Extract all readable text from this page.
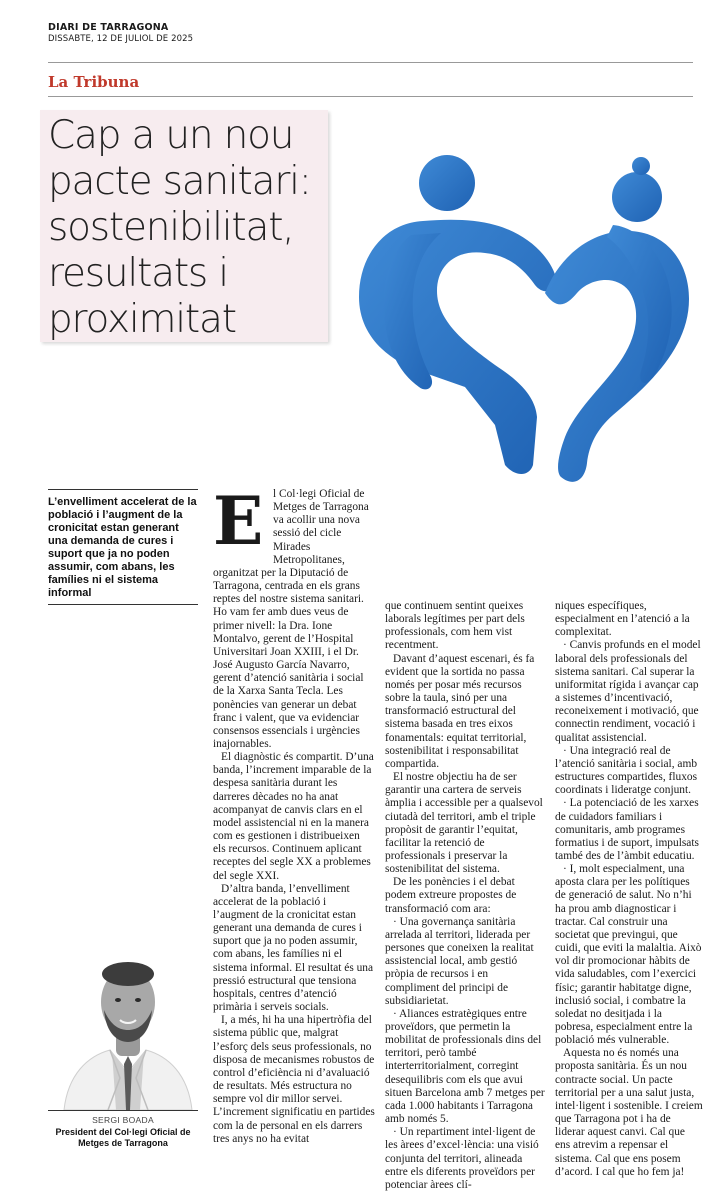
DIARI DE TARRAGONA
DISSABTE, 12 DE JULIOL DE 2025
La Tribuna
Cap a un nou pacte sanitari: sostenibilitat, resultats i proximitat
L’envelliment accelerat de la població i l’augment de la cronicitat estan generant una demanda de cures i suport que ja no poden assumir, com abans, les famílies ni el sistema informal
SERGI BOADA
President del Col·legi Oficial de Metges de Tarragona
E l Col·legi Oficial de Metges de Tarragona va acollir una nova sessió del cicle Mirades Metropolitanes, organitzat per la Diputació de Tarragona, centrada en els grans reptes del nostre sistema sanitari. Ho vam fer amb dues veus de primer nivell: la Dra. Ione Montalvo, gerent de l’Hospital Universitari Joan XXIII, i el Dr. José Augusto García Navarro, gerent d’atenció sanitària i social de la Xarxa Santa Tecla. Les ponències van generar un debat franc i valent, que va evidenciar consensos essencials i urgències inajornables.

El diagnòstic és compartit. D’una banda, l’increment imparable de la despesa sanitària durant les darreres dècades no ha anat acompanyat de canvis clars en el model assistencial ni en la manera com es gestionen i distribueixen els recursos. Continuem aplicant receptes del segle XX a problemes del segle XXI.

D’altra banda, l’envelliment accelerat de la població i l’augment de la cronicitat estan generant una demanda de cures i suport que ja no poden assumir, com abans, les famílies ni el sistema informal. El resultat és una pressió estructural que tensiona hospitals, centres d’atenció primària i serveis socials.

I, a més, hi ha una hipertròfia del sistema públic que, malgrat l’esforç dels seus professionals, no disposa de mecanismes robustos de control d’eficiència ni d’avaluació de resultats. Més estructura no sempre vol dir millor servei. L’increment significatiu en partides com la de personal en els darrers tres anys no ha evitat

que continuem sentint queixes laborals legítimes per part dels professionals, com hem vist recentment.

Davant d’aquest escenari, és fa evident que la sortida no passa només per posar més recursos sobre la taula, sinó per una transformació estructural del sistema basada en tres eixos fonamentals: equitat territorial, sostenibilitat i responsabilitat compartida.

El nostre objectiu ha de ser garantir una cartera de serveis àmplia i accessible per a qualsevol ciutadà del territori, amb el triple propòsit de garantir l’equitat, facilitar la retenció de professionals i preservar la sostenibilitat del sistema.

De les ponències i el debat podem extreure propostes de transformació com ara:

· Una governança sanitària arrelada al territori, liderada per persones que coneixen la realitat assistencial local, amb gestió pròpia de recursos i en compliment del principi de subsidiarietat.

· Aliances estratègiques entre proveïdors, que permetin la mobilitat de professionals dins del territori, però també interterritorialment, corregint desequilibris com els que avui situen Barcelona amb 7 metges per cada 1.000 habitants i Tarragona amb només 5.

· Un repartiment intel·ligent de les àrees d’excel·lència: una visió conjunta del territori, alineada entre els diferents proveïdors per potenciar àrees clí-

niques específiques, especialment en l’atenció a la complexitat.

· Canvis profunds en el model laboral dels professionals del sistema sanitari. Cal superar la uniformitat rígida i avançar cap a sistemes d’incentivació, reconeixement i motivació, que connectin rendiment, vocació i qualitat assistencial.

· Una integració real de l’atenció sanitària i social, amb estructures compartides, fluxos coordinats i lideratge conjunt.

· La potenciació de les xarxes de cuidadors familiars i comunitaris, amb programes formatius i de suport, impulsats també des de l’àmbit educatiu.

· I, molt especialment, una aposta clara per les polítiques de generació de salut. No n’hi ha prou amb diagnosticar i tractar. Cal construir una societat que previngui, que cuidi, que eviti la malaltia. Això vol dir promocionar hàbits de vida saludables, com l’exercici físic; garantir habitatge digne, inclusió social, i combatre la soledat no desitjada i la pobresa, especialment entre la població més vulnerable.

Aquesta no és només una proposta sanitària. És un nou contracte social. Un pacte territorial per a una salut justa, intel·ligent i sostenible. I creiem que Tarragona pot i ha de liderar aquest canvi. Cal que ens atrevim a repensar el sistema. Cal que ens posem d’acord. I cal que ho fem ja!
